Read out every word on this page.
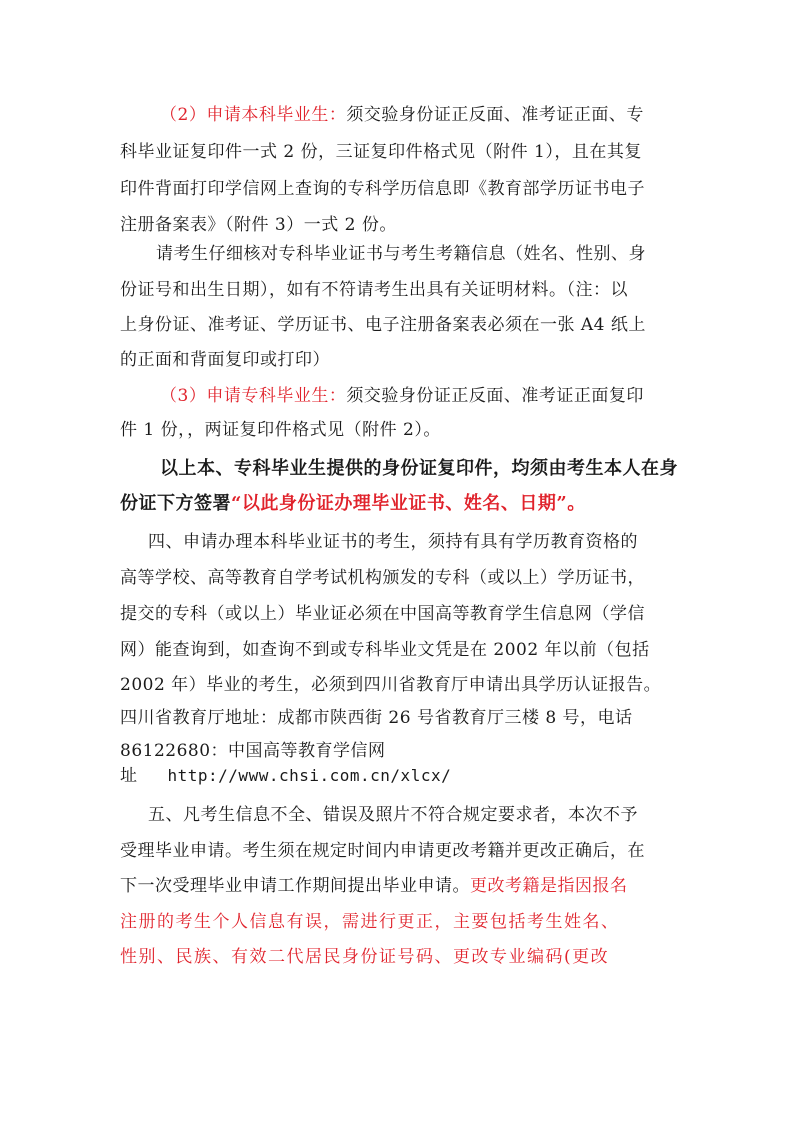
（2）申请本科毕业生：须交验身份证正反面、准考证正面、专
科毕业证复印件一式 2 份，三证复印件格式见（附件 1），且在其复
印件背面打印学信网上查询的专科学历信息即《教育部学历证书电子
注册备案表》（附件 3）一式 2 份。
请考生仔细核对专科毕业证书与考生考籍信息（姓名、性别、身
份证号和出生日期），如有不符请考生出具有关证明材料。（注：以
上身份证、准考证、学历证书、电子注册备案表必须在一张 A4 纸上
的正面和背面复印或打印）
（3）申请专科毕业生：须交验身份证正反面、准考证正面复印
件 1 份，，两证复印件格式见（附件 2）。
以上本、专科毕业生提供的身份证复印件，均须由考生本人在身
份证下方签署“以此身份证办理毕业证书、姓名、日期”。
四、申请办理本科毕业证书的考生，须持有具有学历教育资格的
高等学校、高等教育自学考试机构颁发的专科（或以上）学历证书，
提交的专科（或以上）毕业证必须在中国高等教育学生信息网（学信
网）能查询到，如查询不到或专科毕业文凭是在 2002 年以前（包括
2002 年）毕业的考生，必须到四川省教育厅申请出具学历认证报告。
四川省教育厅地址：成都市陕西街 26 号省教育厅三楼 8 号，电话
86122680：中国高等教育学信网
址 http://www.chsi.com.cn/xlcx/
五、凡考生信息不全、错误及照片不符合规定要求者，本次不予
受理毕业申请。考生须在规定时间内申请更改考籍并更改正确后，在
下一次受理毕业申请工作期间提出毕业申请。更改考籍是指因报名
注册的考生个人信息有误，需进行更正，主要包括考生姓名、
性别、民族、有效二代居民身份证号码、更改专业编码(更改
